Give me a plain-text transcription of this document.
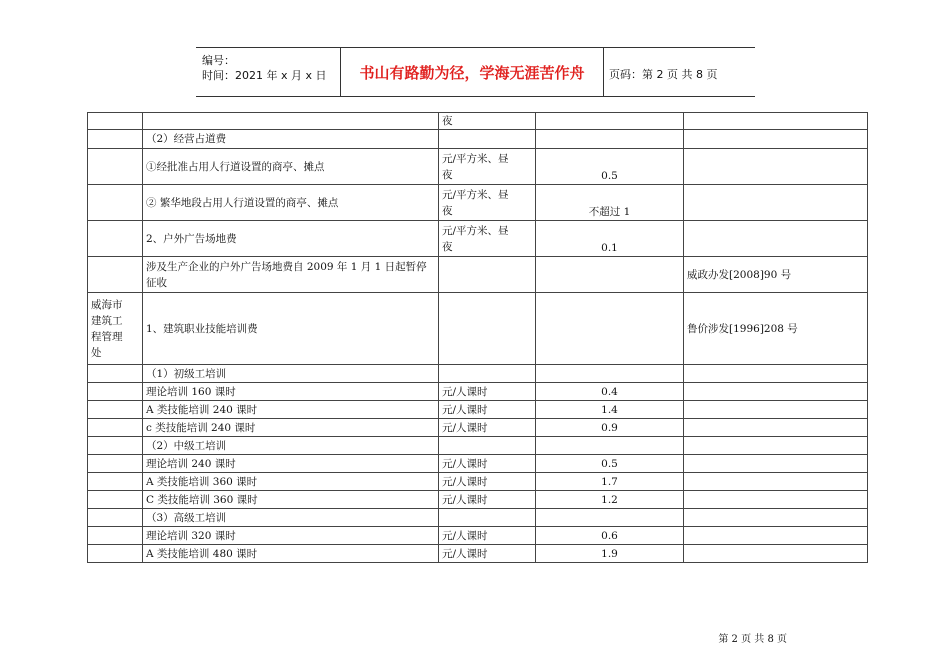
编号：
时间：2021 年 x 月 x 日	书山有路勤为径，学海无涯苦作舟	页码：第 2 页 共 8 页
		夜		
	（2）经营占道费			
	①经批准占用人行道设置的商亭、摊点	元/平方米、昼
夜	0.5	
	② 繁华地段占用人行道设置的商亭、摊点	元/平方米、昼
夜	不超过 1	
	2、户外广告场地费	元/平方米、昼
夜	0.1	

	涉及生产企业的户外广告场地费自 2009 年 1 月 1 日起暂停
征收			威政办发[2008]90 号

威海市
建筑工
程管理
处	1、建筑职业技能培训费			鲁价涉发[1996]208 号
	（1）初级工培训			
	理论培训 160 课时	元/人课时	0.4	
	A 类技能培训 240 课时	元/人课时	1.4	
	c 类技能培训 240 课时	元/人课时	0.9	
	（2）中级工培训			
	理论培训 240 课时	元/人课时	0.5	
	A 类技能培训 360 课时	元/人课时	1.7	
	C 类技能培训 360 课时	元/人课时	1.2	
	（3）高级工培训			
	理论培训 320 课时	元/人课时	0.6	
	A 类技能培训 480 课时	元/人课时	1.9	
第 2 页 共 8 页
